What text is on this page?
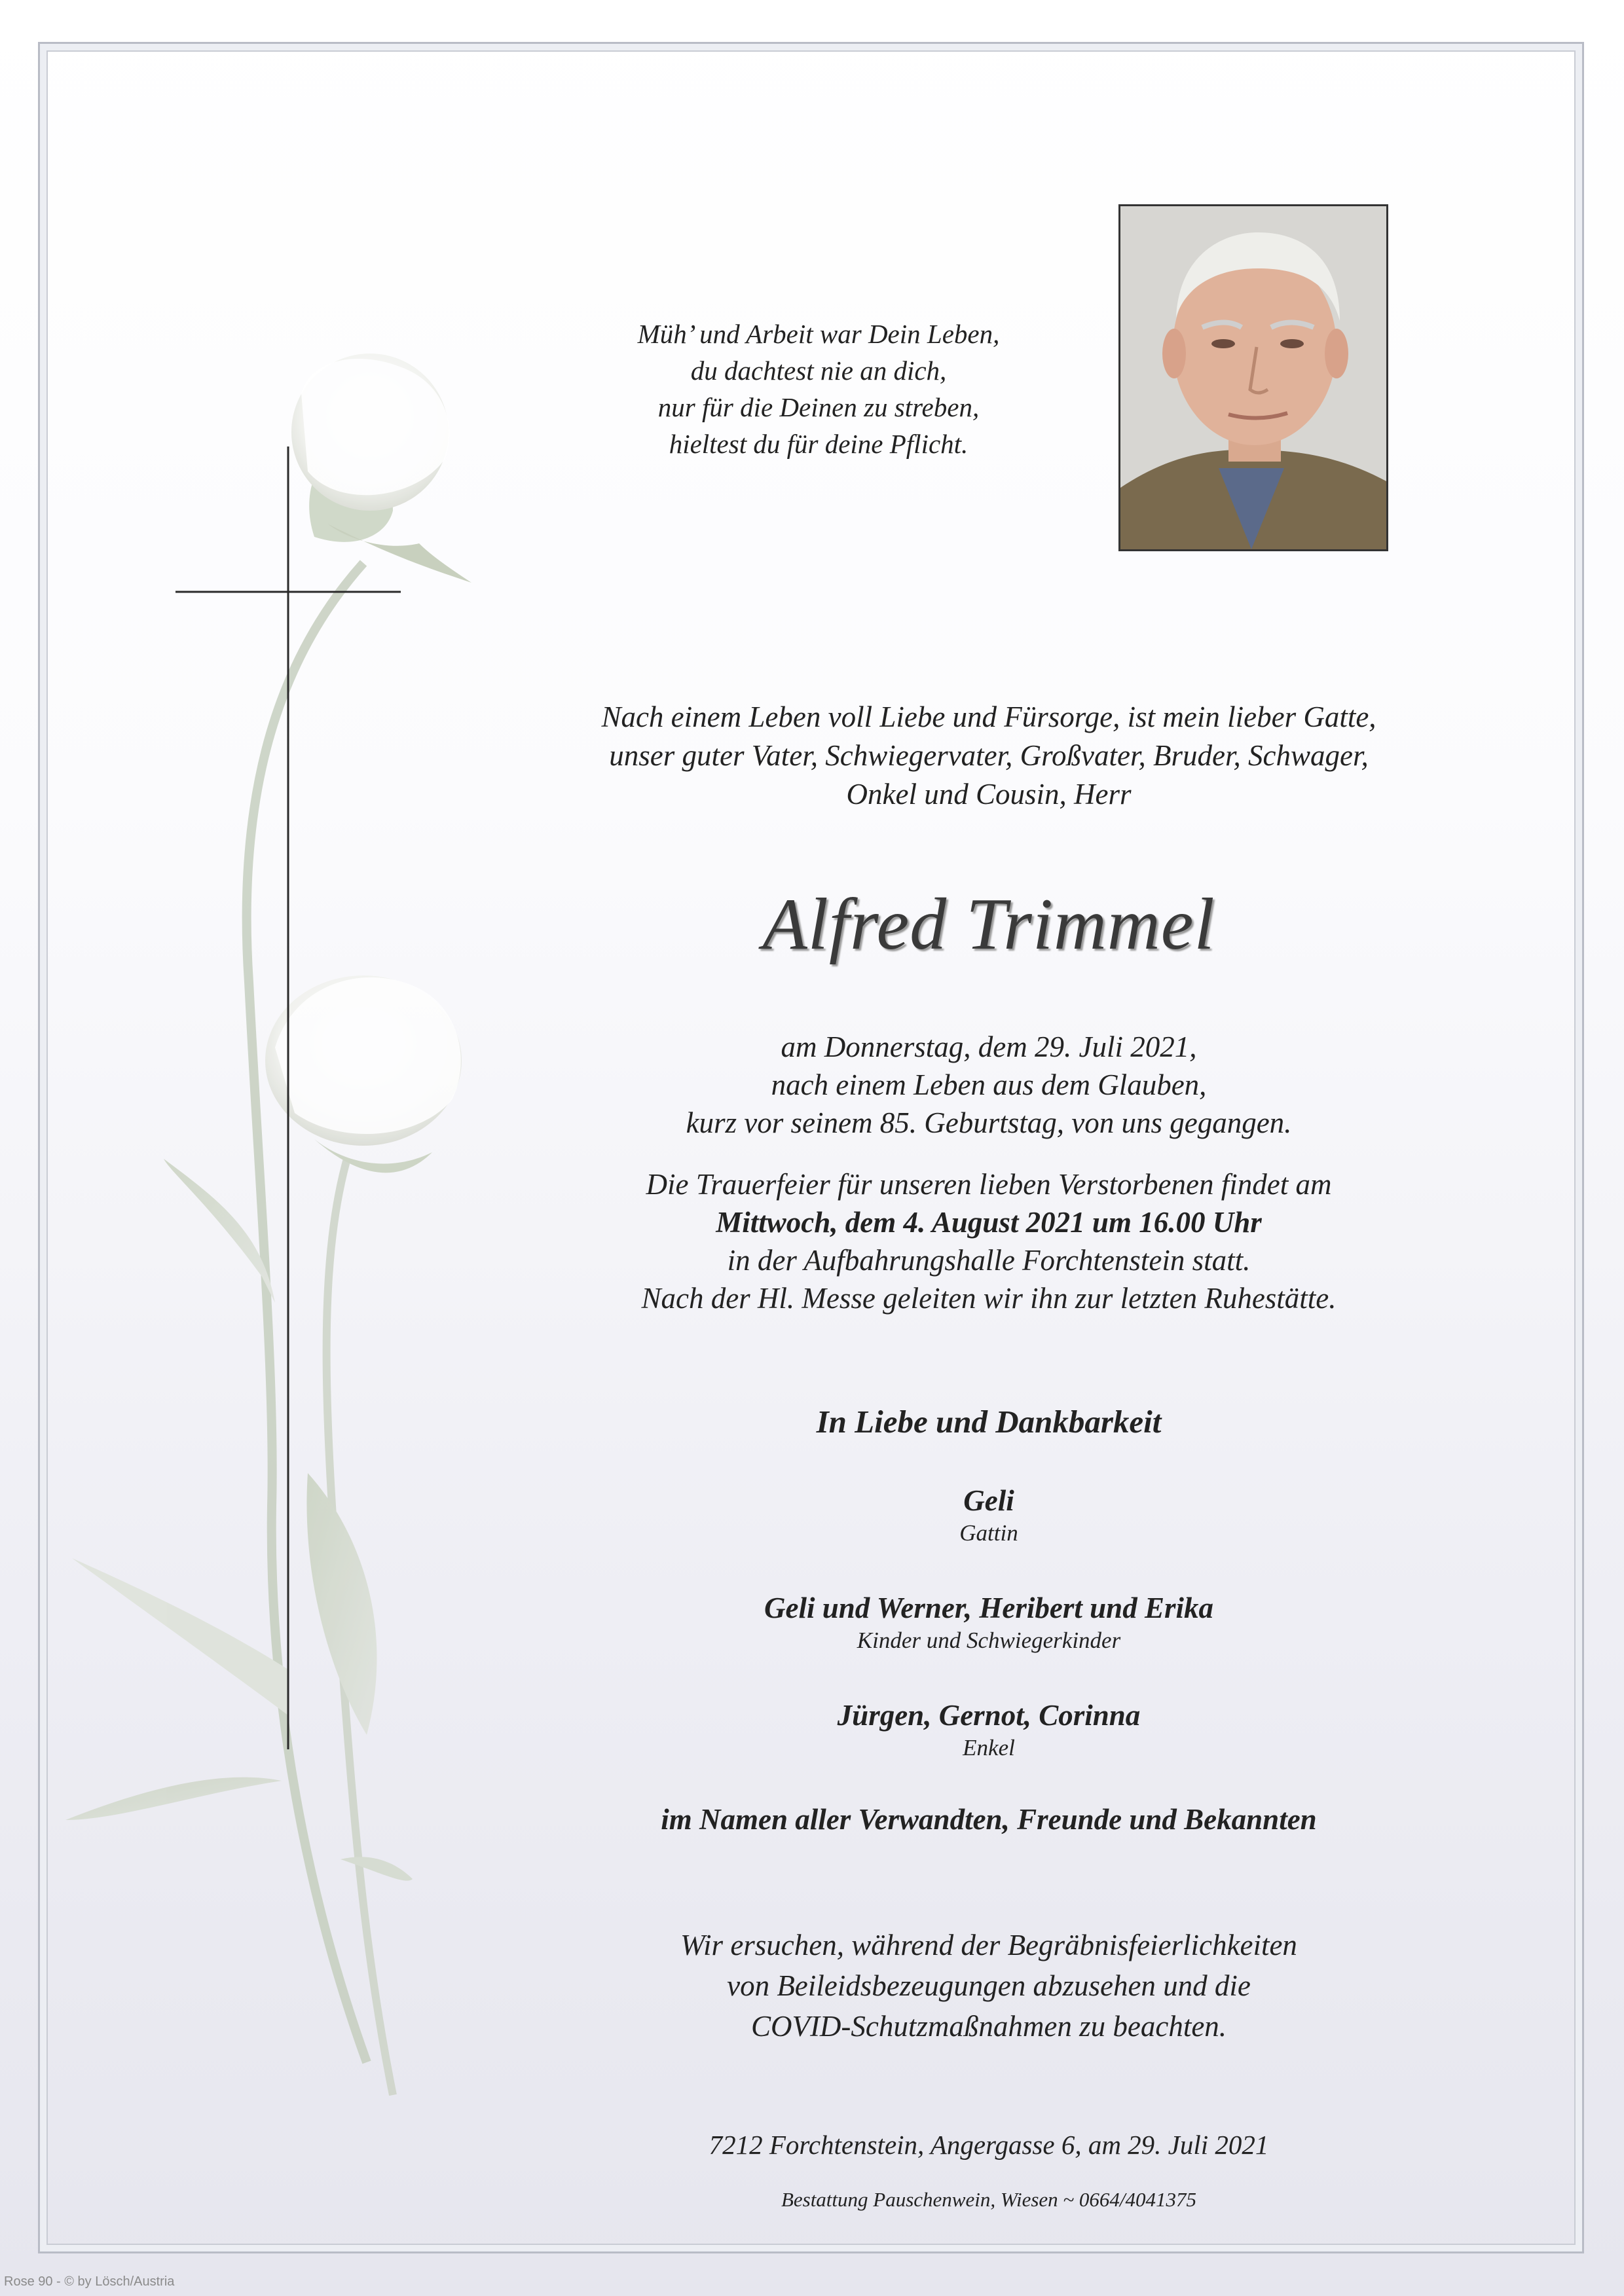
Müh’ und Arbeit war Dein Leben,
du dachtest nie an dich,
nur für die Deinen zu streben,
hieltest du für deine Pflicht.
Nach einem Leben voll Liebe und Fürsorge, ist mein lieber Gatte,
unser guter Vater, Schwiegervater, Großvater, Bruder, Schwager,
Onkel und Cousin, Herr
Alfred Trimmel
am Donnerstag, dem 29. Juli 2021,
nach einem Leben aus dem Glauben,
kurz vor seinem 85. Geburtstag, von uns gegangen.
Die Trauerfeier für unseren lieben Verstorbenen findet am
Mittwoch, dem 4. August 2021 um 16.00 Uhr
in der Aufbahrungshalle Forchtenstein statt.
Nach der Hl. Messe geleiten wir ihn zur letzten Ruhestätte.
In Liebe und Dankbarkeit
Geli
Gattin
Geli und Werner, Heribert und Erika
Kinder und Schwiegerkinder
Jürgen, Gernot, Corinna
Enkel
im Namen aller Verwandten, Freunde und Bekannten
Wir ersuchen, während der Begräbnisfeierlichkeiten
von Beileidsbezeugungen abzusehen und die
COVID-Schutzmaßnahmen zu beachten.
7212 Forchtenstein, Angergasse 6, am 29. Juli 2021
Bestattung Pauschenwein, Wiesen ~ 0664/4041375
Rose 90 - © by Lösch/Austria
